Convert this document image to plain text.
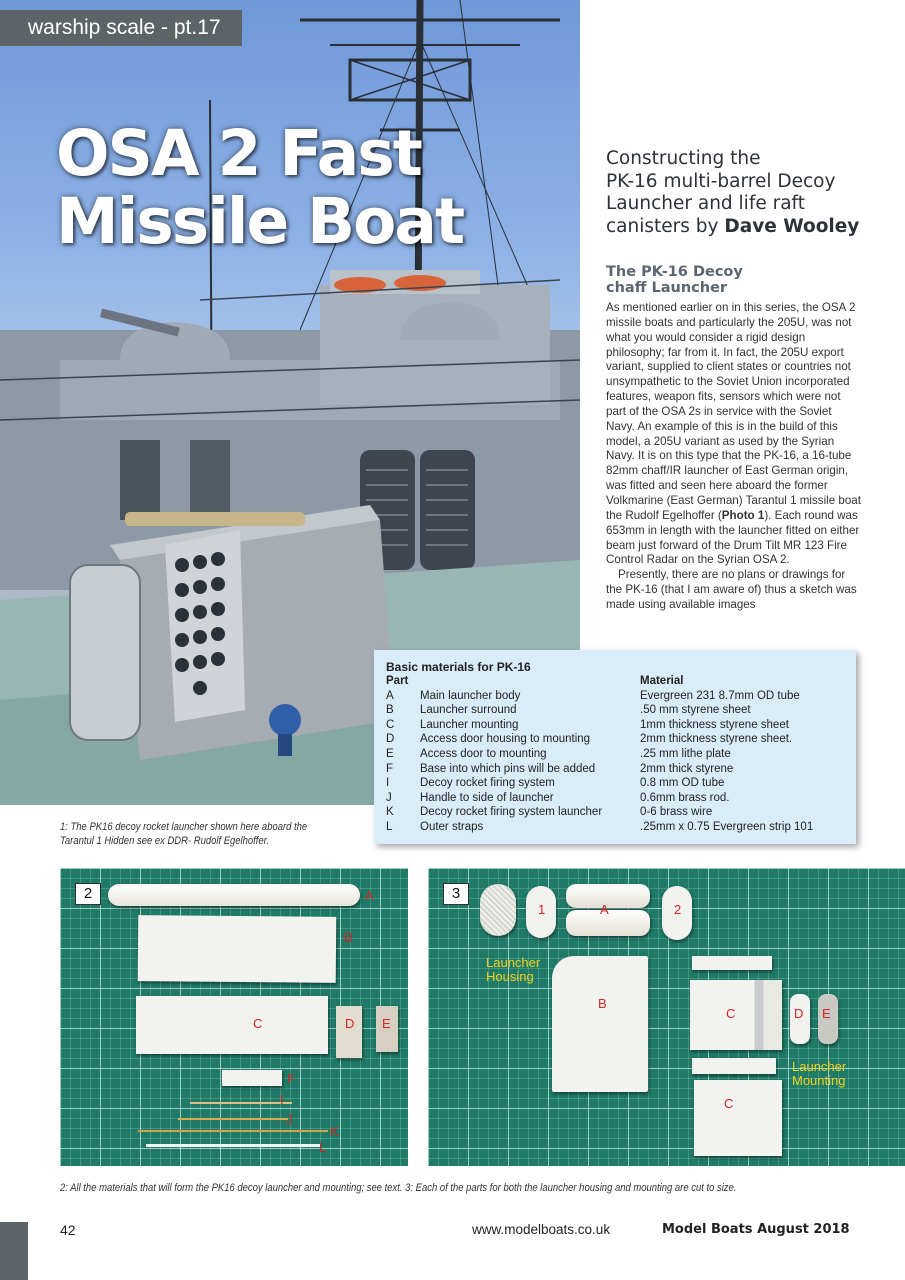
warship scale - pt.17
OSA 2 Fast
Missile Boat
1: The PK16 decoy rocket launcher shown here aboard the Tarantul 1 Hidden see ex DDR- Rudolf Egelhoffer.
Constructing the
PK-16 multi-barrel Decoy
Launcher and life raft
canisters by Dave Wooley
The PK-16 Decoy
chaff Launcher

As mentioned earlier on in this series, the OSA 2 missile boats and particularly the 205U, was not what you would consider a rigid design philosophy; far from it. In fact, the 205U export variant, supplied to client states or countries not unsympathetic to the Soviet Union incorporated features, weapon fits, sensors which were not part of the OSA 2s in service with the Soviet Navy. An example of this is in the build of this model, a 205U variant as used by the Syrian Navy. It is on this type that the PK-16, a 16-tube 82mm chaff/IR launcher of East German origin, was fitted and seen here aboard the former Volkmarine (East German) Tarantul 1 missile boat the Rudolf Egelhoffer (Photo 1). Each round was 653mm in length with the launcher fitted on either beam just forward of the Drum Tilt MR 123 Fire Control Radar on the Syrian OSA 2.

Presently, there are no plans or drawings for the PK-16 (that I am aware of) thus a sketch was made using available images

Basic materials for PK-16
Part	Material
A	Main launcher body	Evergreen 231 8.7mm OD tube
B	Launcher surround	.50 mm styrene sheet
C	Launcher mounting	1mm thickness styrene sheet
D	Access door housing to mounting	2mm thickness styrene sheet.
E	Access door to mounting	.25 mm lithe plate
F	Base into which pins will be added	2mm thick styrene
I	Decoy rocket firing system	0.8 mm OD tube
J	Handle to side of launcher	0.6mm brass rod.
K	Decoy rocket firing system launcher	0-6 brass wire
L	Outer straps	.25mm x 0.75 Evergreen strip 101
2	A
B
C	D E
F
I
J
K
L
3
1	A	2
Launcher
Housing
B
C	D E
Launcher
Mounting
C
2: All the materials that will form the PK16 decoy launcher and mounting; see text. 3: Each of the parts for both the launcher housing and mounting are cut to size.
42	www.modelboats.co.uk	Model Boats August 2018
